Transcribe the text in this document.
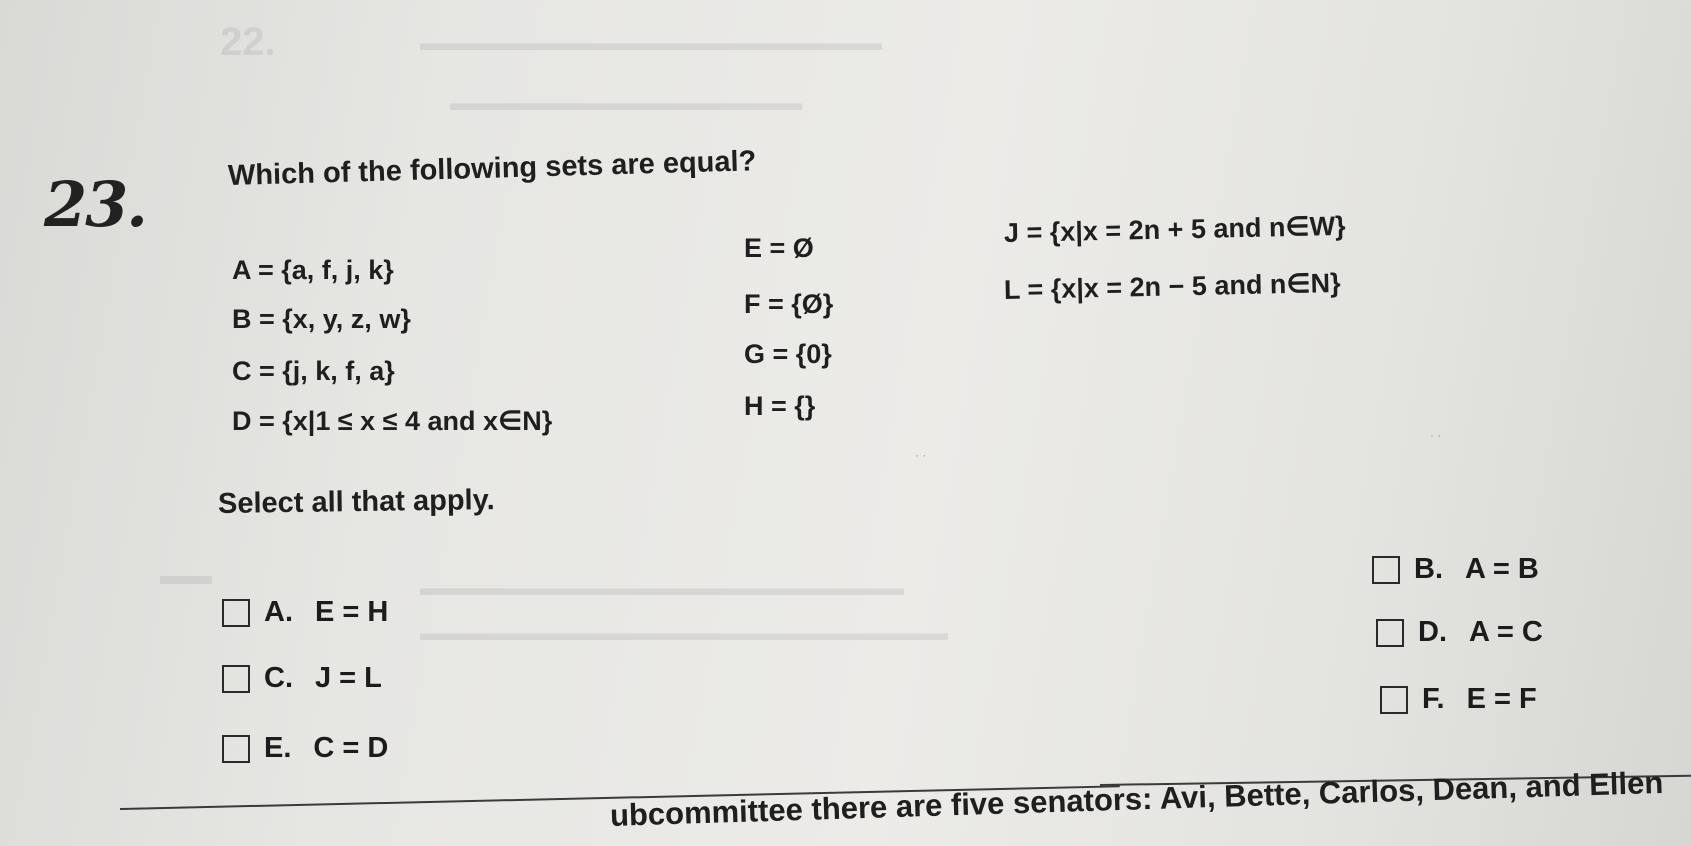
22.	▬▬▬▬▬▬▬▬▬▬▬▬▬▬▬▬▬▬▬▬▬
▬▬▬▬▬▬▬▬▬▬▬▬▬▬▬▬
▬▬	▬▬▬▬▬▬▬▬▬▬▬▬▬▬▬▬▬▬▬▬▬▬
▬▬▬▬▬▬▬▬▬▬▬▬▬▬▬▬▬▬▬▬▬▬▬▬
23.	Which of the following sets are equal?
A = {a, f, j, k}
B = {x, y, z, w}
C = {j, k, f, a}
D = {x|1 ≤ x ≤ 4 and x∈N}
E = Ø
F = {Ø}
G = {0}
H = {}
J = {x|x = 2n + 5 and n∈W}
L = {x|x = 2n − 5 and n∈N}
· ·
· ·
Select all that apply.
A. E = H
C. J = L
E. C = D
B. A = B
D. A = C
F. E = F
ubcommittee there are five senators: Avi, Bette, Carlos, Dean, and Ellen
